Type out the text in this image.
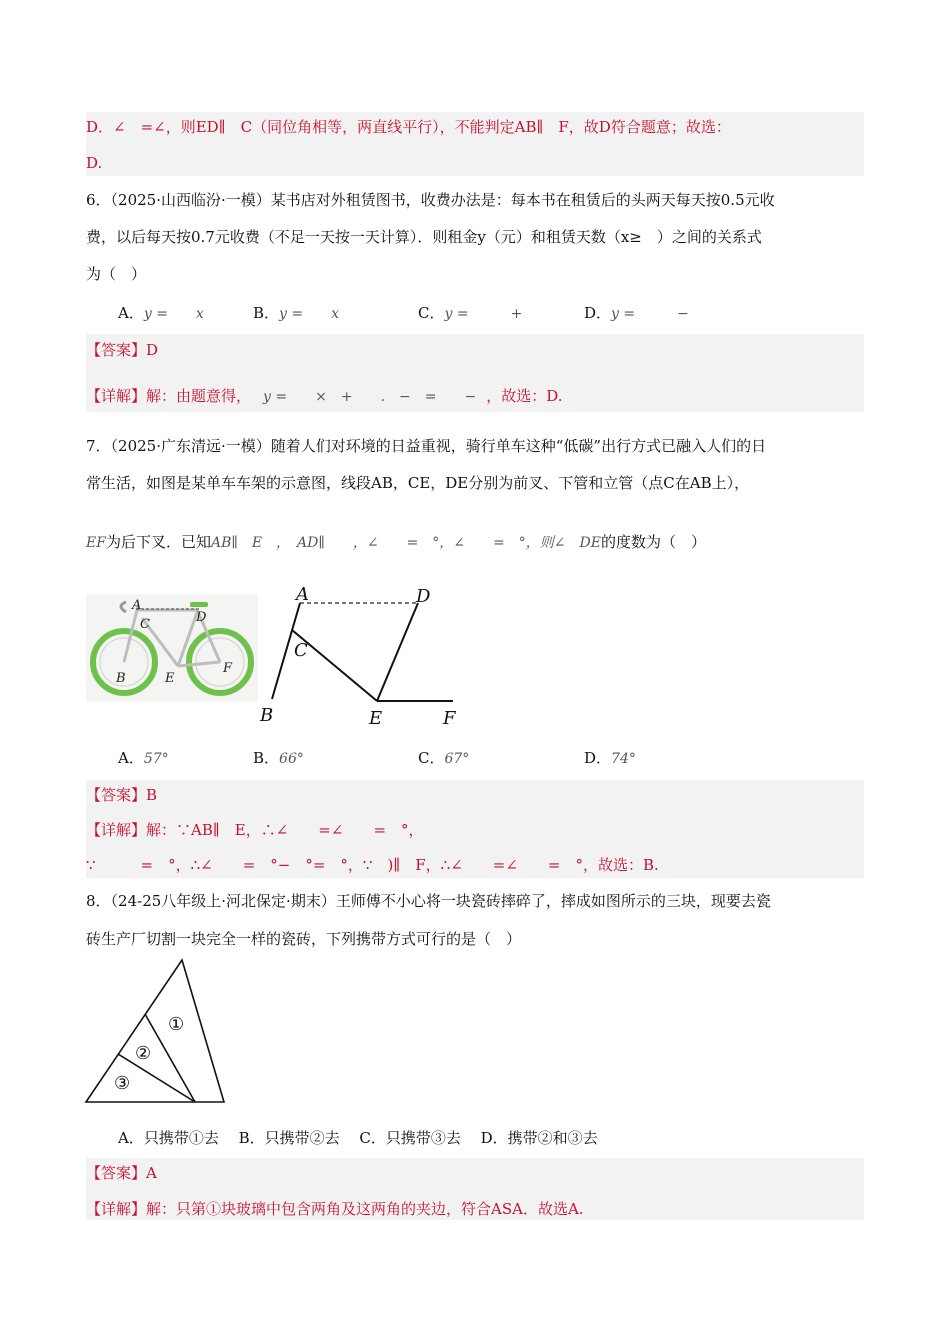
D．∠　=∠，则ED∥　C（同位角相等，两直线平行），不能判定AB∥　F，故D符合题意；故选：
D.
6．（2025·山西临汾·一模）某书店对外租赁图书，收费办法是：每本书在租赁后的头两天每天按0.5元收
费，以后每天按0.7元收费（不足一天按一天计算）．则租金y（元）和租赁天数（x≥　）之间的关系式
为（　）
A．y =　　x	B．y =　　x	C．y =　　　+	D．y =　　　−
【答案】D
【详解】解：由题意得， y =　　×　+　　.　−　=　　− ，故选：D.
7．（2025·广东清远·一模）随着人们对环境的日益重视，骑行单车这种“低碳”出行方式已融入人们的日
常生活，如图是某单车车架的示意图，线段AB，CE，DE分别为前叉、下管和立管（点C在AB上），
EF为后下叉．已知AB∥　E　，　AD∥　　，∠　　=　°，∠　　=　°，则∠　DE的度数为（　）
A
C	D
B	E
F
A	D
C
B	E	F
A．57°	B．66°	C．67°	D．74°
【答案】B
【详解】解：∵AB∥　E，∴∠　　=∠　　=　°，
∵　　　=　°，∴∠　　=　°−　°=　°，∵　)∥　F，∴∠　　=∠　　=　°，故选：B.
8．（24-25八年级上·河北保定·期末）王师傅不小心将一块瓷砖摔碎了，摔成如图所示的三块，现要去瓷
砖生产厂切割一块完全一样的瓷砖，下列携带方式可行的是（　）
①
②
③
A．只携带①去　 B．只携带②去　 C．只携带③去　 D．携带②和③去
【答案】A
【详解】解：只第①块玻璃中包含两角及这两角的夹边，符合ASA．故选A.
